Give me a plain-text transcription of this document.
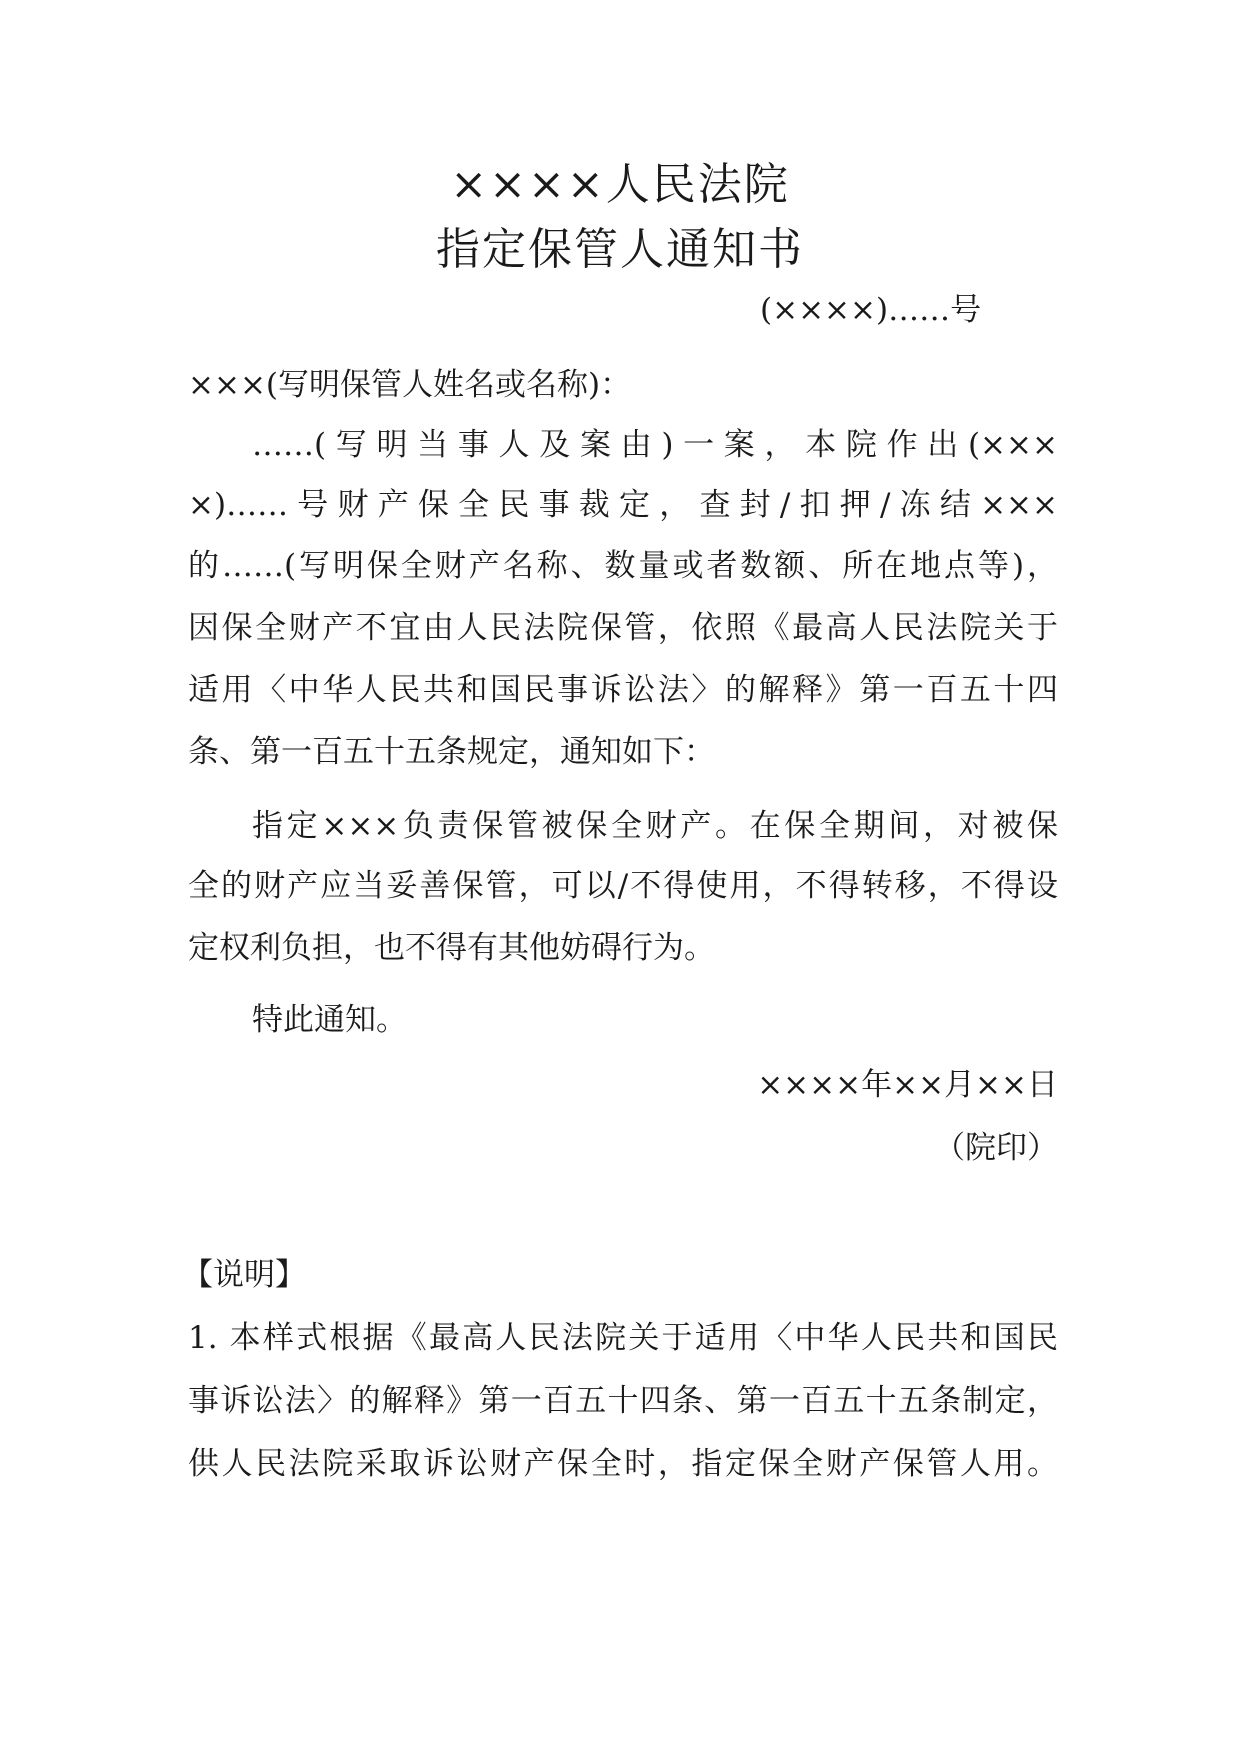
××××人民法院
指定保管人通知书
(××××)……号
×××(写明保管人姓名或名称)：
……(写明当事人及案由)一案，本院作出(×××
×)……号财产保全民事裁定，查封/扣押/冻结×××
的……(写明保全财产名称、数量或者数额、所在地点等)，
因保全财产不宜由人民法院保管，依照《最高人民法院关于
适用〈中华人民共和国民事诉讼法〉的解释》第一百五十四
条、第一百五十五条规定，通知如下：
指定×××负责保管被保全财产。在保全期间，对被保
全的财产应当妥善保管，可以/不得使用，不得转移，不得设
定权利负担，也不得有其他妨碍行为。
特此通知。
××××年××月××日
（院印）
【说明】
1. 本样式根据《最高人民法院关于适用〈中华人民共和国民
事诉讼法〉的解释》第一百五十四条、第一百五十五条制定，
供人民法院采取诉讼财产保全时，指定保全财产保管人用。
